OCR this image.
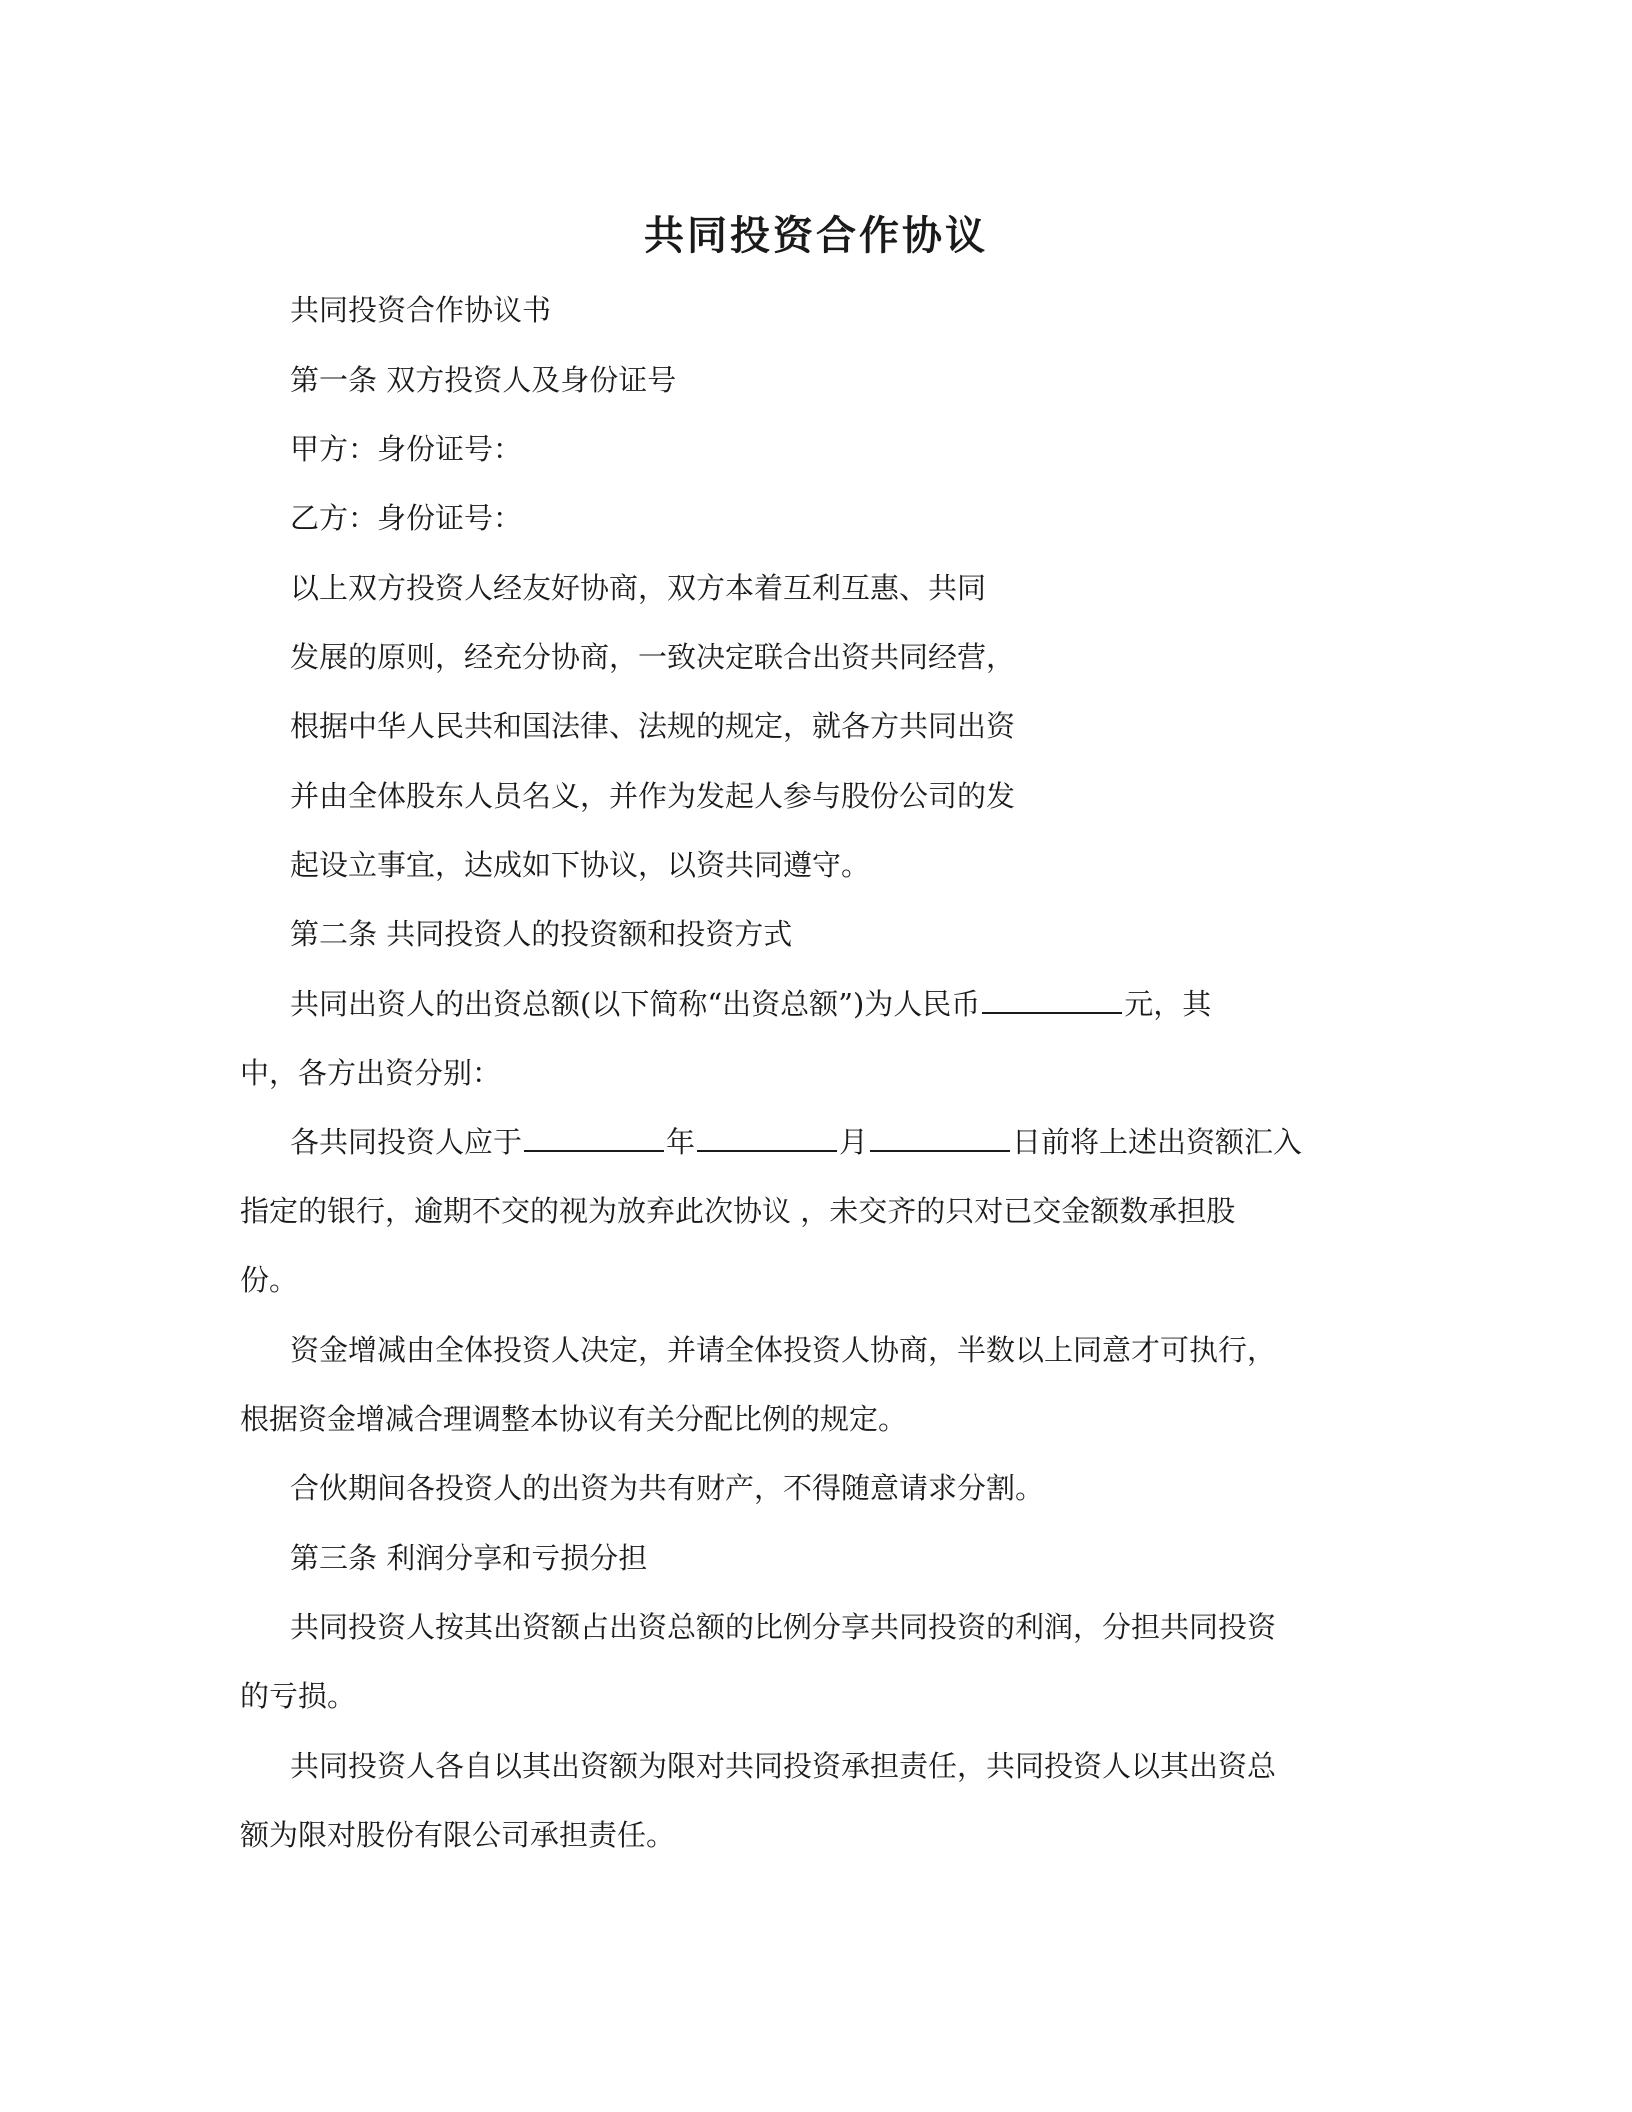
共同投资合作协议

共同投资合作协议书

第一条 双方投资人及身份证号

甲方：身份证号：

乙方：身份证号：

以上双方投资人经友好协商，双方本着互利互惠、共同

发展的原则，经充分协商，一致决定联合出资共同经营，

根据中华人民共和国法律、法规的规定，就各方共同出资

并由全体股东人员名义，并作为发起人参与股份公司的发

起设立事宜，达成如下协议，以资共同遵守。

第二条 共同投资人的投资额和投资方式

共同出资人的出资总额(以下简称“出资总额”)为人民币	元，其

中，各方出资分别：

各共同投资人应于	年	月	日前将上述出资额汇入

指定的银行，逾期不交的视为放弃此次协议 ，未交齐的只对已交金额数承担股

份。

资金增减由全体投资人决定，并请全体投资人协商，半数以上同意才可执行，

根据资金增减合理调整本协议有关分配比例的规定。

合伙期间各投资人的出资为共有财产，不得随意请求分割。

第三条 利润分享和亏损分担

共同投资人按其出资额占出资总额的比例分享共同投资的利润，分担共同投资

的亏损。

共同投资人各自以其出资额为限对共同投资承担责任，共同投资人以其出资总

额为限对股份有限公司承担责任。
